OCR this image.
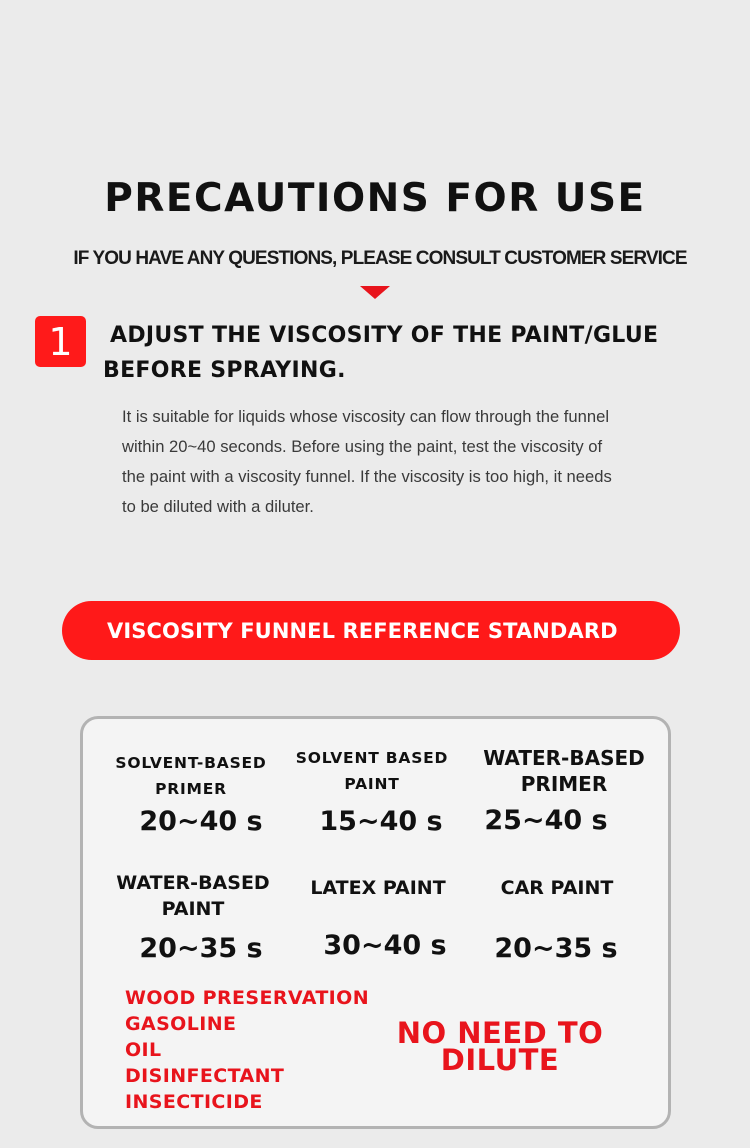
PRECAUTIONS FOR USE
IF YOU HAVE ANY QUESTIONS, PLEASE CONSULT CUSTOMER SERVICE
1	ADJUST THE VISCOSITY OF THE PAINT/GLUE
BEFORE SPRAYING.
It is suitable for liquids whose viscosity can flow through the funnel
within 20~40 seconds. Before using the paint, test the viscosity of
the paint with a viscosity funnel. If the viscosity is too high, it needs
to be diluted with a diluter.
VISCOSITY FUNNEL REFERENCE STANDARD
SOLVENT-BASED
PRIMER
20~40 s
SOLVENT BASED
PAINT
15~40 s
WATER-BASED
PRIMER
25~40 s
WATER-BASED
PAINT
20~35 s
LATEX PAINT
30~40 s
CAR PAINT
20~35 s
WOOD PRESERVATION
GASOLINE
OIL
DISINFECTANT
INSECTICIDE
NO NEED TO
DILUTE
